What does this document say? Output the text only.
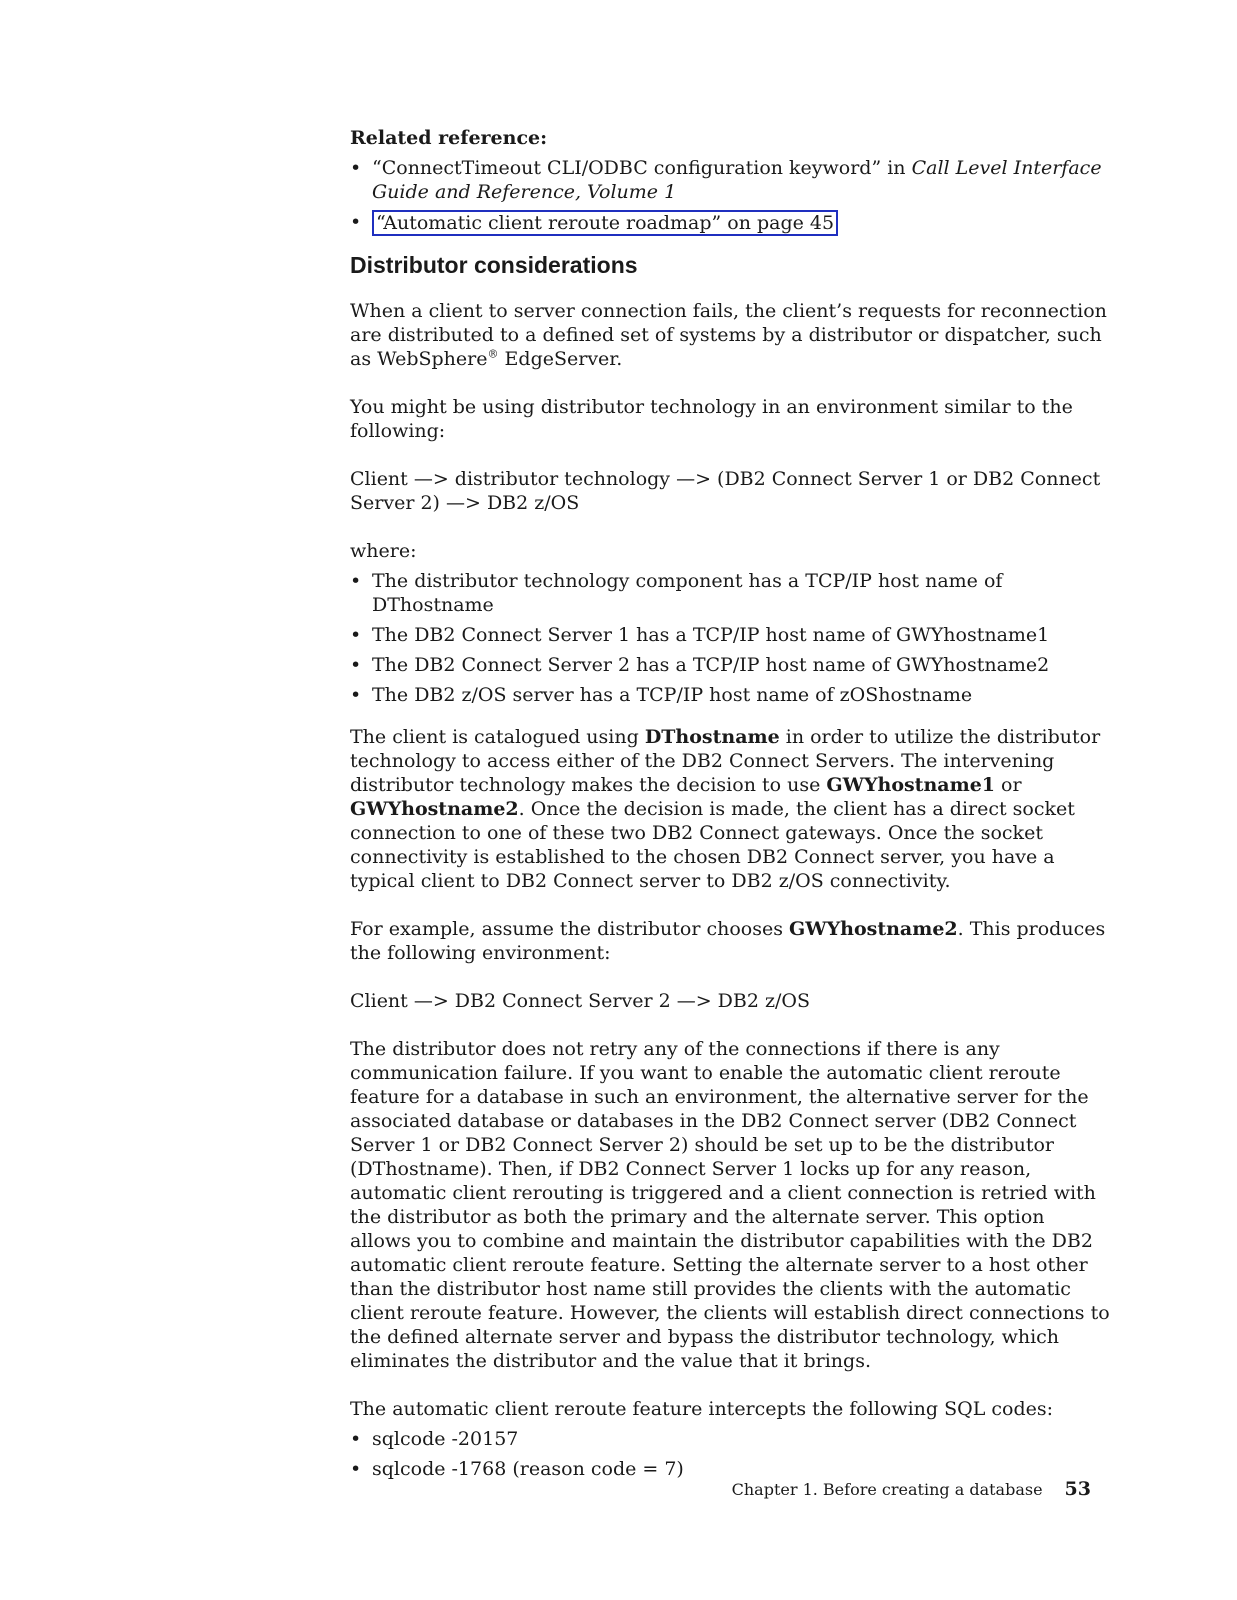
Related reference:
• “ConnectTimeout CLI/ODBC configuration keyword” in Call Level Interface Guide and Reference, Volume 1
• “Automatic client reroute roadmap” on page 45
Distributor considerations

When a client to server connection fails, the client’s requests for reconnection are distributed to a defined set of systems by a distributor or dispatcher, such as WebSphere® EdgeServer.

You might be using distributor technology in an environment similar to the following:

Client —> distributor technology —> (DB2 Connect Server 1 or DB2 Connect Server 2) —> DB2 z/OS

where:

• The distributor technology component has a TCP/IP host name of DThostname
• The DB2 Connect Server 1 has a TCP/IP host name of GWYhostname1
• The DB2 Connect Server 2 has a TCP/IP host name of GWYhostname2
• The DB2 z/OS server has a TCP/IP host name of zOShostname

The client is catalogued using DThostname in order to utilize the distributor technology to access either of the DB2 Connect Servers. The intervening distributor technology makes the decision to use GWYhostname1 or GWYhostname2. Once the decision is made, the client has a direct socket connection to one of these two DB2 Connect gateways. Once the socket connectivity is established to the chosen DB2 Connect server, you have a typical client to DB2 Connect server to DB2 z/OS connectivity.

For example, assume the distributor chooses GWYhostname2. This produces the following environment:

Client —> DB2 Connect Server 2 —> DB2 z/OS

The distributor does not retry any of the connections if there is any communication failure. If you want to enable the automatic client reroute feature for a database in such an environment, the alternative server for the associated database or databases in the DB2 Connect server (DB2 Connect Server 1 or DB2 Connect Server 2) should be set up to be the distributor (DThostname). Then, if DB2 Connect Server 1 locks up for any reason, automatic client rerouting is triggered and a client connection is retried with the distributor as both the primary and the alternate server. This option allows you to combine and maintain the distributor capabilities with the DB2 automatic client reroute feature. Setting the alternate server to a host other than the distributor host name still provides the clients with the automatic client reroute feature. However, the clients will establish direct connections to the defined alternate server and bypass the distributor technology, which eliminates the distributor and the value that it brings.

The automatic client reroute feature intercepts the following SQL codes:

• sqlcode -20157
• sqlcode -1768 (reason code = 7)
Chapter 1. Before creating a database 53
